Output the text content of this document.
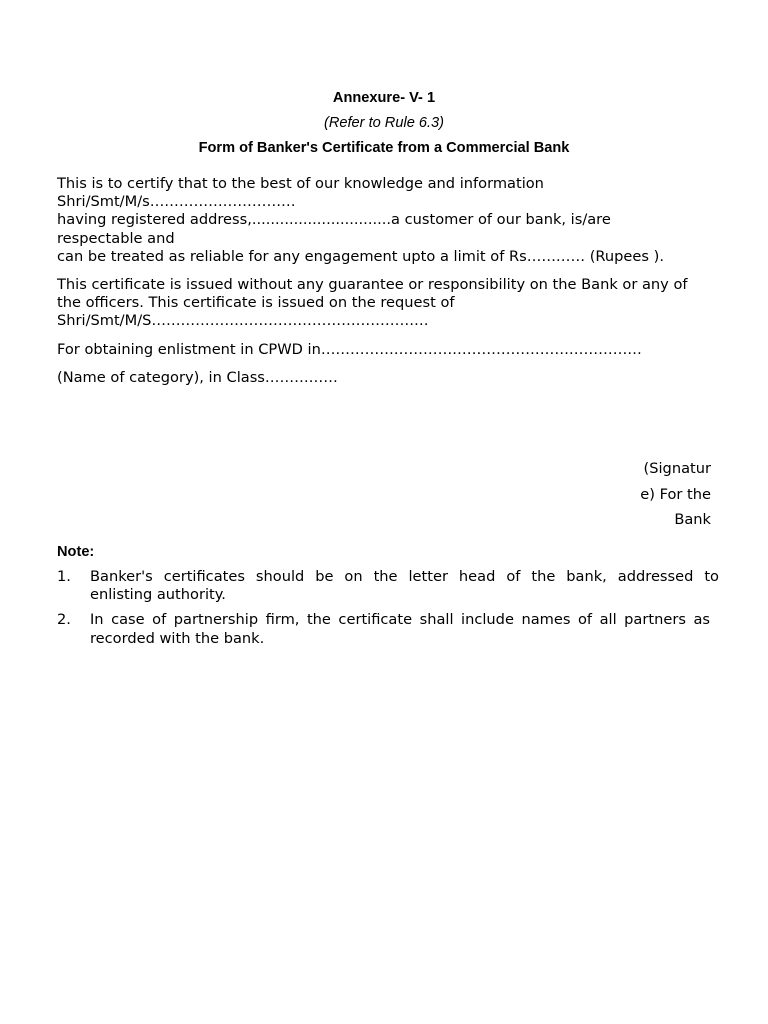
Annexure- V- 1
(Refer to Rule 6.3)
Form of Banker's Certificate from a Commercial Bank
This is to certify that to the best of our knowledge and information
Shri/Smt/M/s…………………………
having registered address,..............................a customer of our bank, is/are
respectable and
can be treated as reliable for any engagement upto a limit of Rs………… (Rupees ).
This certificate is issued without any guarantee or responsibility on the Bank or any of
the officers. This certificate is issued on the request of
Shri/Smt/M/S…………………………………………………
For obtaining enlistment in CPWD in…………………………………………………………
(Name of category), in Class……………
(Signatur
e) For the
Bank
Note:
1. Banker's certificates should be on the letter head of the bank, addressed to
enlisting authority.
2. In case of partnership firm, the certificate shall include names of all partners as
recorded with the bank.
